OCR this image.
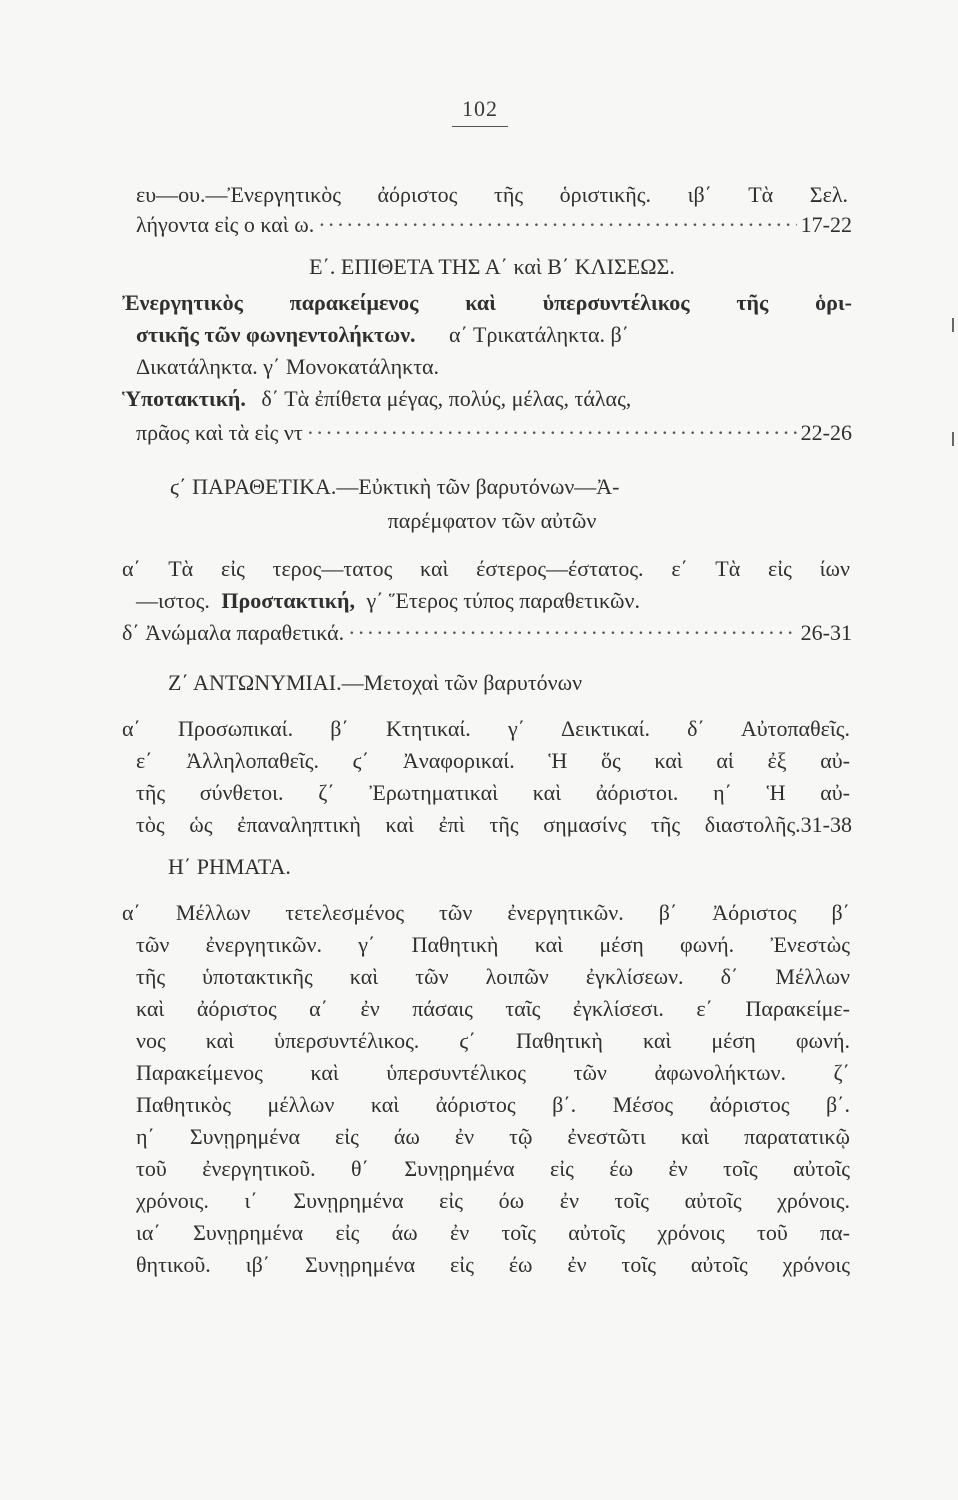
102
ευ—ου.—Ἐνεργητικὸς ἀόριστος τῆς ὁριστικῆς. ιβ΄ Τὰ Σελ.
λήγοντα εἰς ο καὶ ω. ·····	17-22
Ε΄. ΕΠΙΘΕΤΑ ΤΗΣ Α΄ καὶ Β΄ ΚΛΙΣΕΩΣ.
Ἐνεργητικὸς παρακείμενος καὶ ὑπερσυντέλικος τῆς ὁρι-
στικῆς τῶν φωνηεντολήκτων. α΄ Τρικατάληκτα. β΄
Δικατάληκτα. γ΄ Μονοκατάληκτα.
Ὑποτακτική. δ΄ Τὰ ἐπίθετα μέγας, πολύς, μέλας, τάλας,
πρᾶος καὶ τὰ εἰς ντ ·····	22-26
ϛ΄ ΠΑΡΑΘΕΤΙΚΑ.—Εὐκτικὴ τῶν βαρυτόνων—Ἀ-
παρέμφατον τῶν αὐτῶν
α΄ Τὰ εἰς τερος—τατος καὶ έστερος—έστατος. ε΄ Τὰ εἰς ίων
—ιστος. Προστακτική, γ΄ Ἕτερος τύπος παραθετικῶν.
δ΄ Ἀνώμαλα παραθετικά. ·····	26-31
Ζ΄ ΑΝΤΩΝΥΜΙΑΙ.—Μετοχαὶ τῶν βαρυτόνων
α΄ Προσωπικαί. β΄ Κτητικαί. γ΄ Δεικτικαί. δ΄ Αὐτοπαθεῖς.
ε΄ Ἀλληλοπαθεῖς. ϛ΄ Ἀναφορικαί. Ἡ ὅς καὶ αἱ ἐξ αὐ-
τῆς σύνθετοι. ζ΄ Ἐρωτηματικαὶ καὶ ἀόριστοι. η΄ Ἡ αὐ-
τὸς ὡς ἐπαναληπτικὴ καὶ ἐπὶ τῆς σημασίνς τῆς διαστολῆς.31-38
Η΄ ΡΗΜΑΤΑ.
α΄ Μέλλων τετελεσμένος τῶν ἐνεργητικῶν. β΄ Ἀόριστος β΄
τῶν ἐνεργητικῶν. γ΄ Παθητικὴ καὶ μέση φωνή. Ἐνεστὼς
τῆς ὑποτακτικῆς καὶ τῶν λοιπῶν ἐγκλίσεων. δ΄ Μέλλων
καὶ ἀόριστος α΄ ἐν πάσαις ταῖς ἐγκλίσεσι. ε΄ Παρακείμε-
νος καὶ ὑπερσυντέλικος. ϛ΄ Παθητικὴ καὶ μέση φωνή.
Παρακείμενος καὶ ὑπερσυντέλικος τῶν ἀφωνολήκτων. ζ΄
Παθητικὸς μέλλων καὶ ἀόριστος β΄. Μέσος ἀόριστος β΄.
η΄ Συνῃρημένα εἰς άω ἐν τῷ ἐνεστῶτι καὶ παρατατικῷ
τοῦ ἐνεργητικοῦ. θ΄ Συνῃρημένα εἰς έω ἐν τοῖς αὐτοῖς
χρόνοις. ι΄ Συνῃρημένα εἰς όω ἐν τοῖς αὐτοῖς χρόνοις.
ια΄ Συνῃρημένα εἰς άω ἐν τοῖς αὐτοῖς χρόνοις τοῦ πα-
θητικοῦ. ιβ΄ Συνῃρημένα εἰς έω ἐν τοῖς αὐτοῖς χρόνοις
